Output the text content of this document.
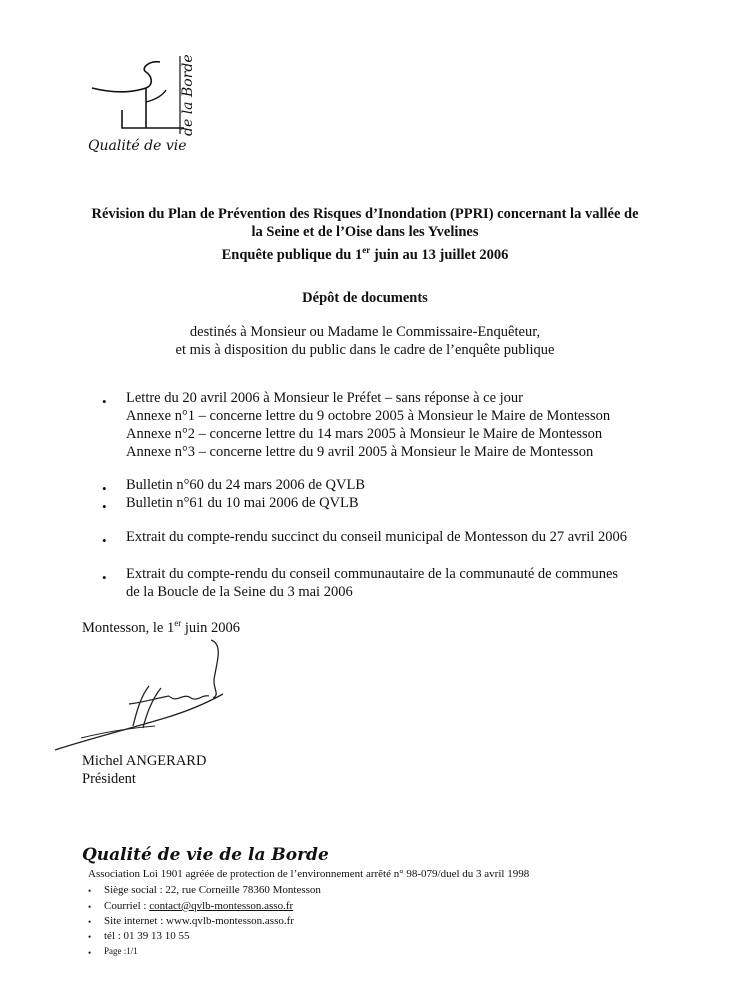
Qualité de vie
de la Borde
Révision du Plan de Prévention des Risques d’Inondation (PPRI) concernant la vallée de
la Seine et de l’Oise dans les Yvelines
Enquête publique du 1er juin au 13 juillet 2006
Dépôt de documents
destinés à Monsieur ou Madame le Commissaire-Enquêteur,
et mis à disposition du public dans le cadre de l’enquête publique
• Lettre du 20 avril 2006 à Monsieur le Préfet – sans réponse à ce jour
Annexe n°1 – concerne lettre du 9 octobre 2005 à Monsieur le Maire de Montesson
Annexe n°2 – concerne lettre du 14 mars 2005 à Monsieur le Maire de Montesson
Annexe n°3 – concerne lettre du 9 avril 2005 à Monsieur le Maire de Montesson
• Bulletin n°60 du 24 mars 2006 de QVLB
• Bulletin n°61 du 10 mai 2006 de QVLB
• Extrait du compte-rendu succinct du conseil municipal de Montesson du 27 avril 2006
• Extrait du compte-rendu du conseil communautaire de la communauté de communes
de la Boucle de la Seine du 3 mai 2006
Montesson, le 1er juin 2006
Michel ANGERARD
Président
Qualité de vie de la Borde
Association Loi 1901 agréée de protection de l’environnement arrêté n° 98-079/duel du 3 avril 1998
• Siège social : 22, rue Corneille 78360 Montesson
• Courriel : contact@qvlb-montesson.asso.fr
• Site internet : www.qvlb-montesson.asso.fr
• tél : 01 39 13 10 55
• Page :1/1
